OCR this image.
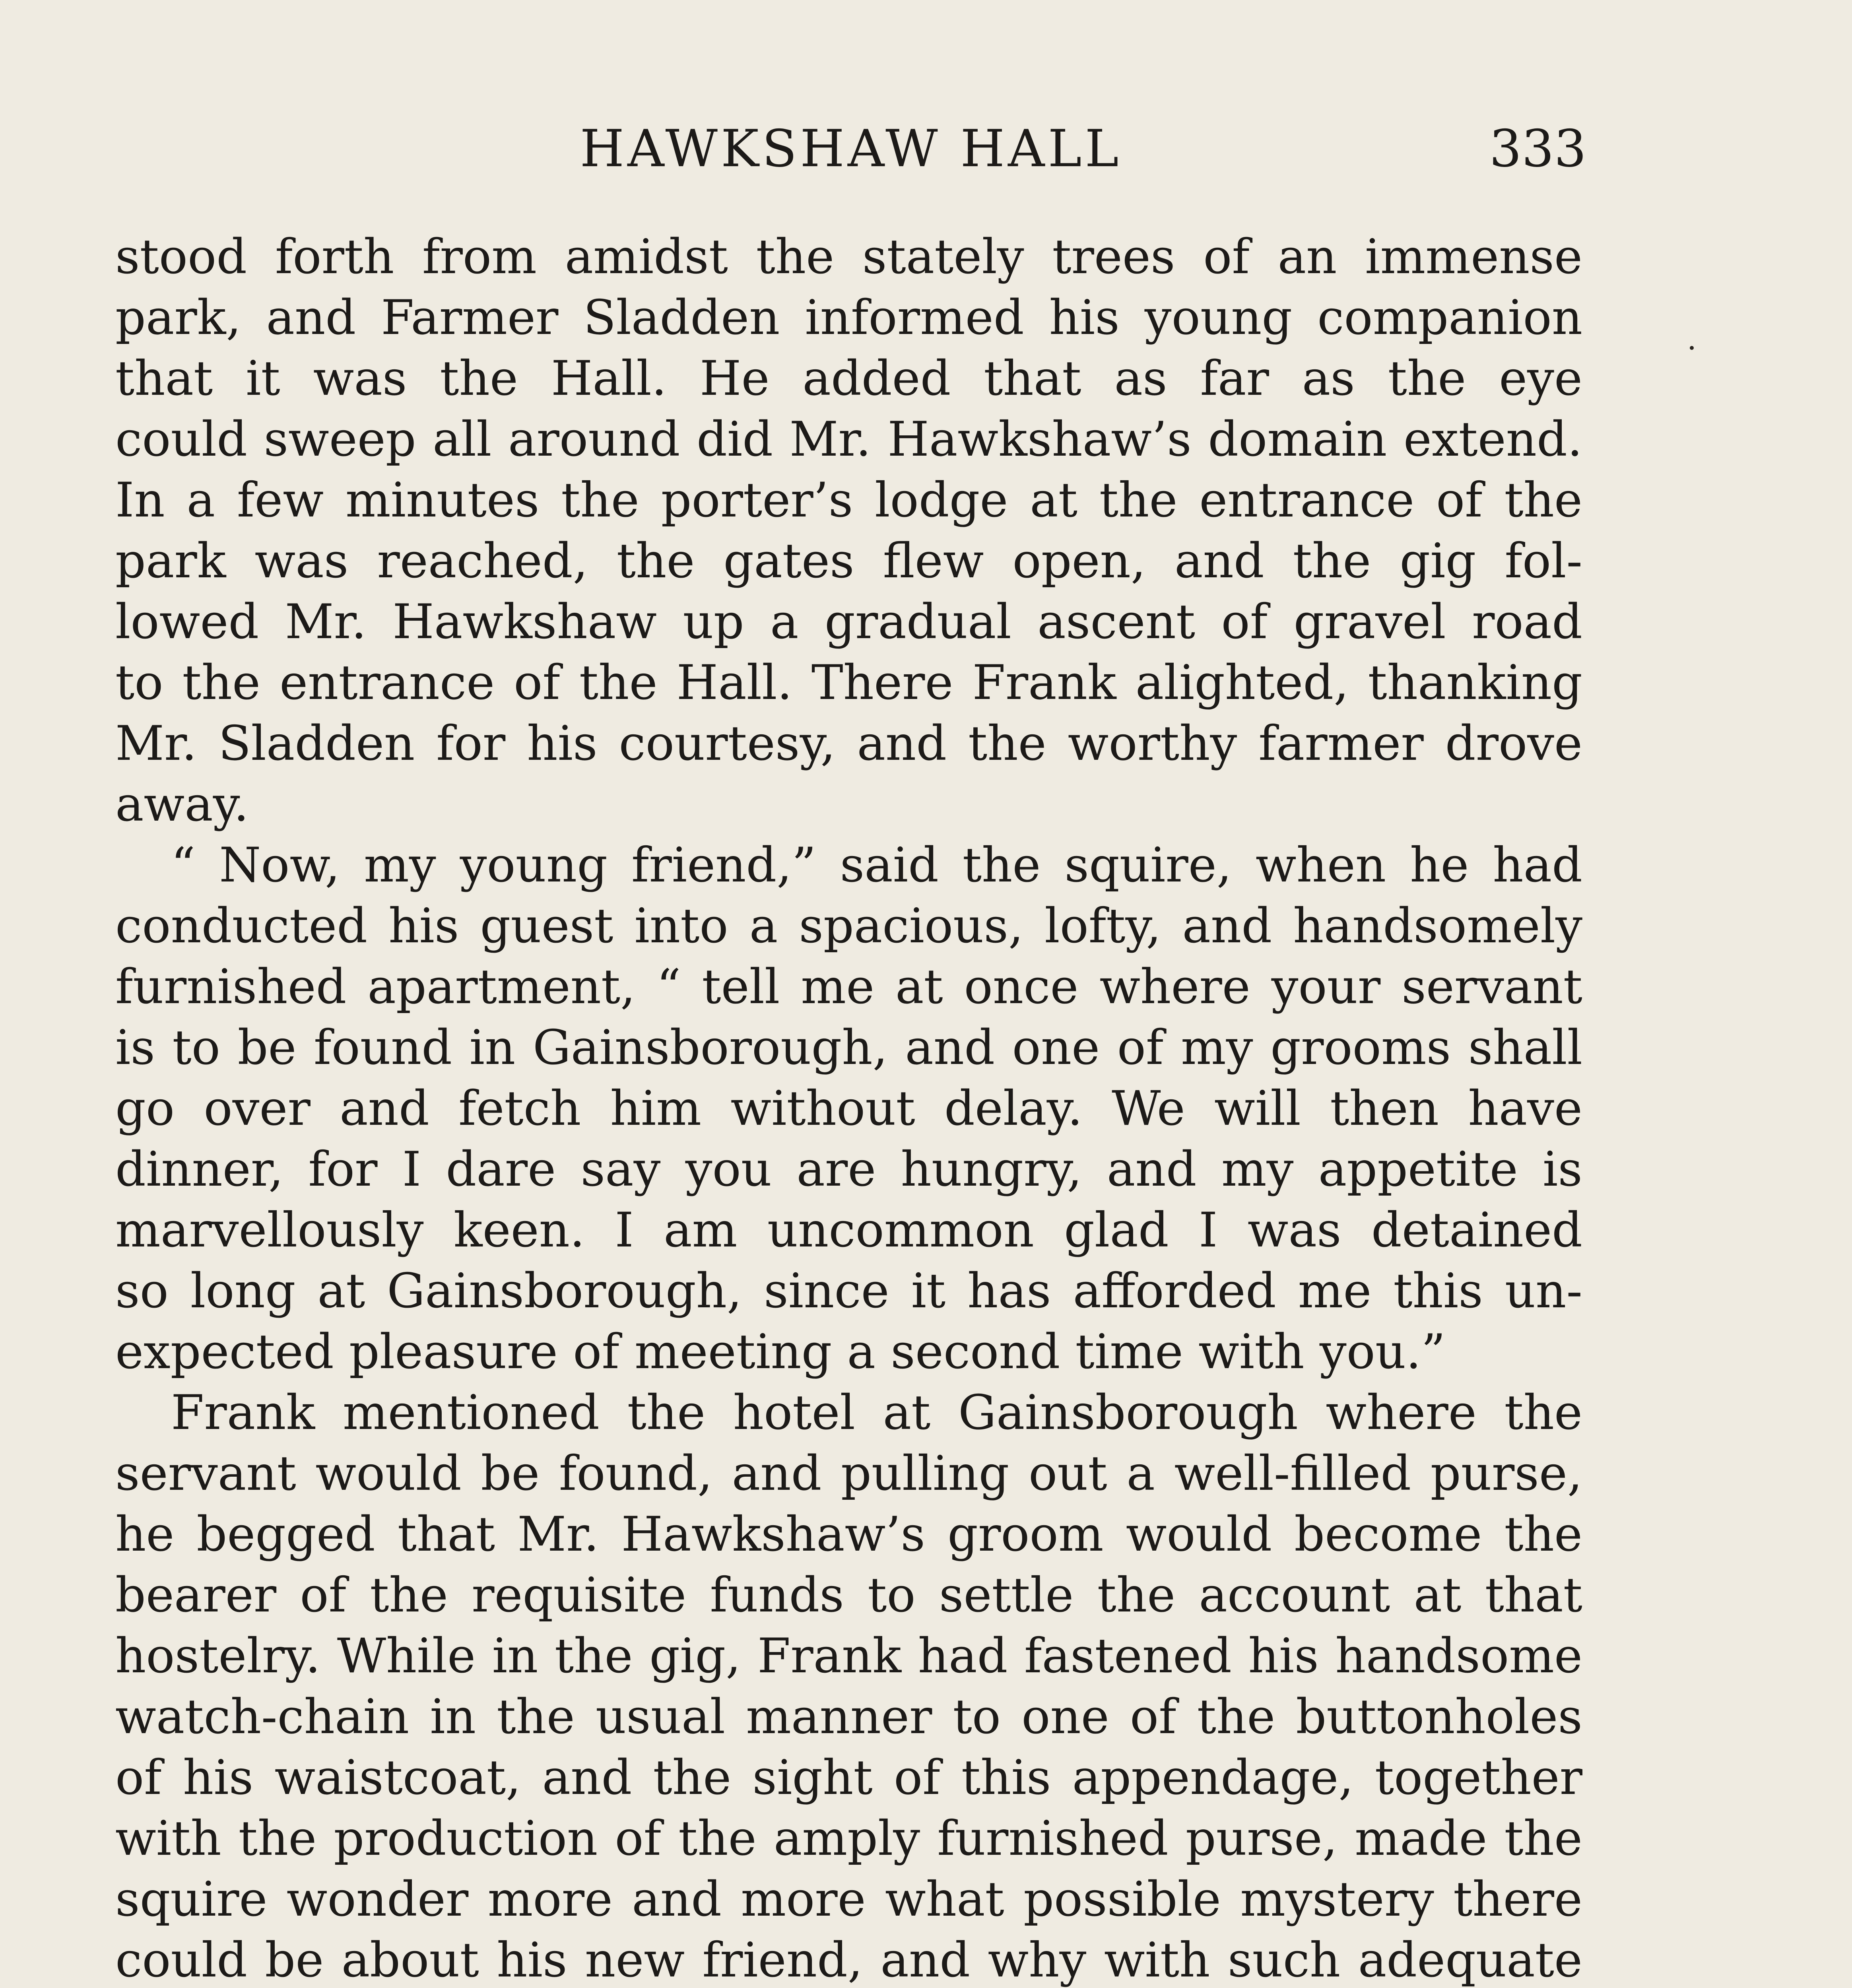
HAWKSHAW HALL	333
stood forth from amidst the stately trees of an immense
park, and Farmer Sladden informed his young companion
that it was the Hall. He added that as far as the eye
could sweep all around did Mr. Hawkshaw’s domain extend.
In a few minutes the porter’s lodge at the entrance of the
park was reached, the gates flew open, and the gig fol-
lowed Mr. Hawkshaw up a gradual ascent of gravel road
to the entrance of the Hall. There Frank alighted, thanking
Mr. Sladden for his courtesy, and the worthy farmer drove
away.
“ Now, my young friend,” said the squire, when he had
conducted his guest into a spacious, lofty, and handsomely
furnished apartment, “ tell me at once where your servant
is to be found in Gainsborough, and one of my grooms shall
go over and fetch him without delay. We will then have
dinner, for I dare say you are hungry, and my appetite is
marvellously keen. I am uncommon glad I was detained
so long at Gainsborough, since it has afforded me this un-
expected pleasure of meeting a second time with you.”
Frank mentioned the hotel at Gainsborough where the
servant would be found, and pulling out a well-filled purse,
he begged that Mr. Hawkshaw’s groom would become the
bearer of the requisite funds to settle the account at that
hostelry. While in the gig, Frank had fastened his handsome
watch-chain in the usual manner to one of the buttonholes
of his waistcoat, and the sight of this appendage, together
with the production of the amply furnished purse, made the
squire wonder more and more what possible mystery there
could be about his new friend, and why with such adequate
